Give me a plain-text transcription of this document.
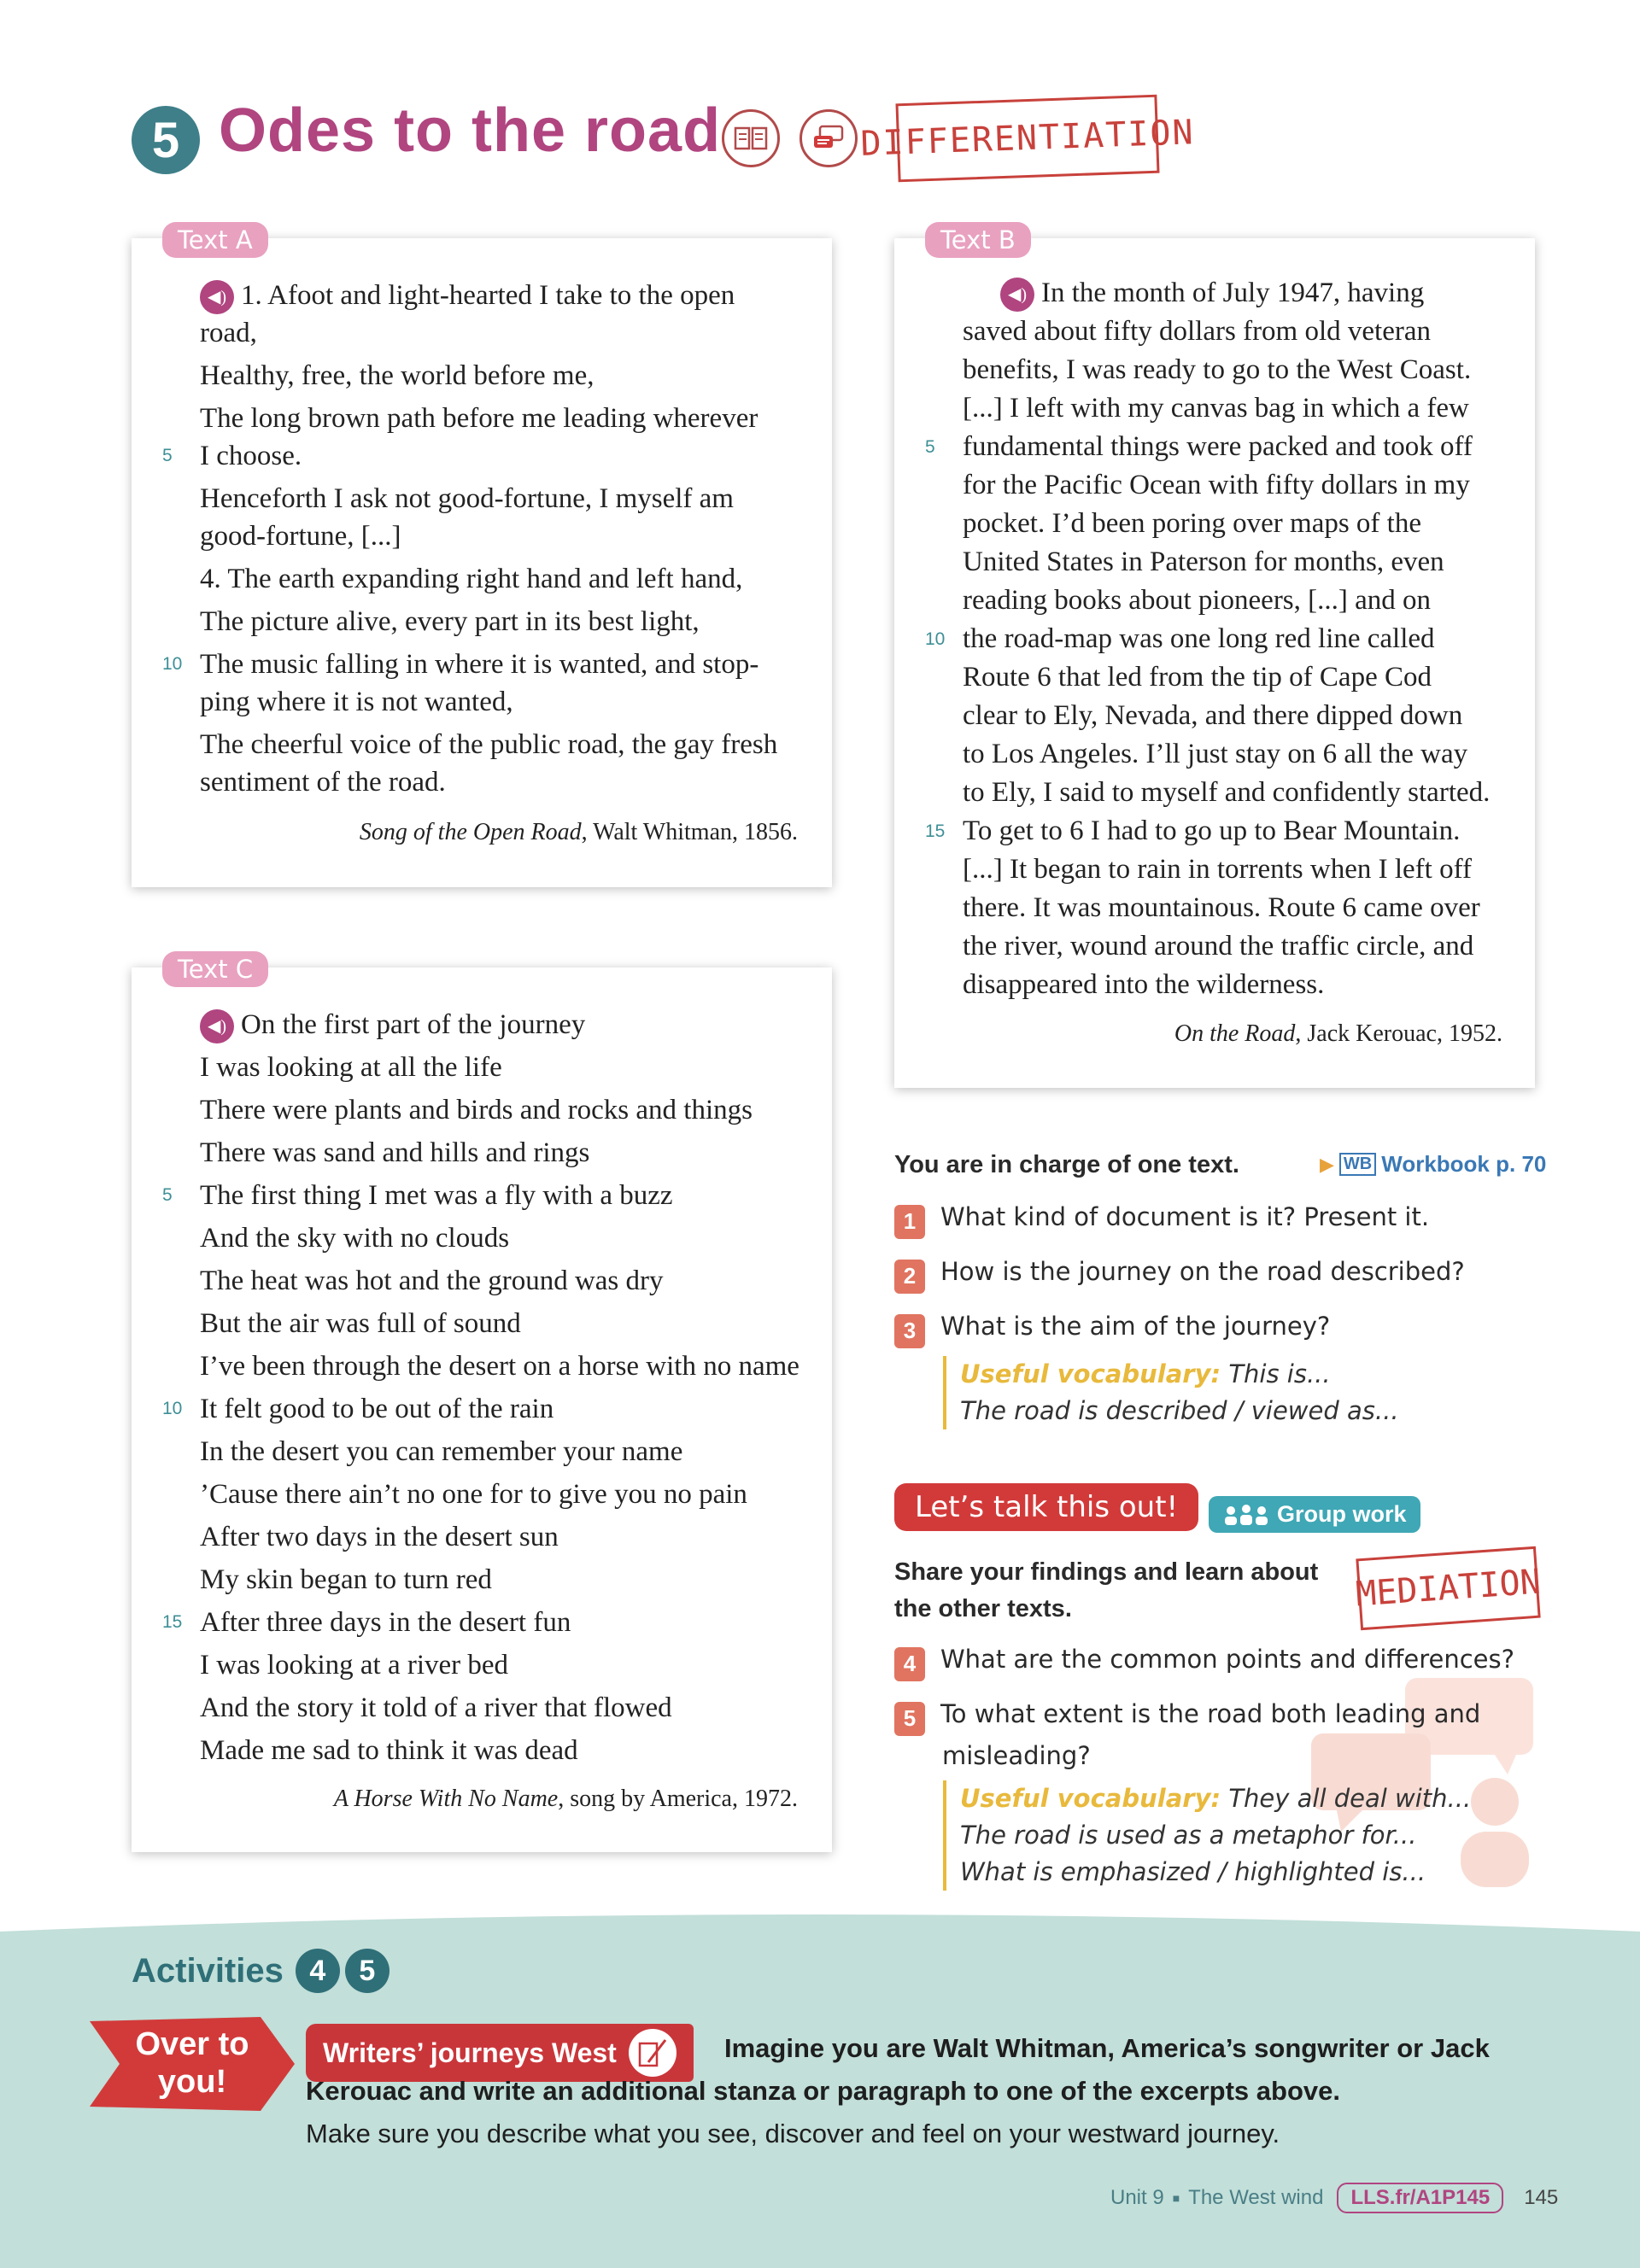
5 Odes to the road	DIFFERENTIATION
◀) 1. Afoot and light-hearted I take to the open
road,
Healthy, free, the world before me,
The long brown path before me leading wherever
5 I choose.
Henceforth I ask not good-fortune, I myself am
good-fortune, [...]
4. The earth expanding right hand and left hand,
The picture alive, every part in its best light,
10 The music falling in where it is wanted, and stop-
ping where it is not wanted,
The cheerful voice of the public road, the gay fresh
sentiment of the road.
Song of the Open Road, Walt Whitman, 1856.
Text A
◀) In the month of July 1947, having
saved about fifty dollars from old veteran
benefits, I was ready to go to the West Coast.
[...] I left with my canvas bag in which a few
5 fundamental things were packed and took off
for the Pacific Ocean with fifty dollars in my
pocket. I’d been poring over maps of the
United States in Paterson for months, even
reading books about pioneers, [...] and on
10 the road-map was one long red line called
Route 6 that led from the tip of Cape Cod
clear to Ely, Nevada, and there dipped down
to Los Angeles. I’ll just stay on 6 all the way
to Ely, I said to myself and confidently started.
15 To get to 6 I had to go up to Bear Mountain.
[...] It began to rain in torrents when I left off
there. It was mountainous. Route 6 came over
the river, wound around the traffic circle, and
disappeared into the wilderness.
On the Road, Jack Kerouac, 1952.
Text B
◀) On the first part of the journey
I was looking at all the life
There were plants and birds and rocks and things
There was sand and hills and rings
5 The first thing I met was a fly with a buzz
And the sky with no clouds
The heat was hot and the ground was dry
But the air was full of sound
I’ve been through the desert on a horse with no name
10 It felt good to be out of the rain
In the desert you can remember your name
’Cause there ain’t no one for to give you no pain
After two days in the desert sun
My skin began to turn red
15 After three days in the desert fun
I was looking at a river bed
And the story it told of a river that flowed
Made me sad to think it was dead
A Horse With No Name, song by America, 1972.
Text C
You are in charge of one text.	▶ WB Workbook p. 70
1 What kind of document is it? Present it.
2 How is the journey on the road described?
3 What is the aim of the journey?
Useful vocabulary: This is...
The road is described / viewed as...
Let’s talk this out!	Group work
Share your findings and learn about
the other texts.	MEDIATION
4 What are the common points and differences?
5 To what extent is the road both leading and
misleading?
Useful vocabulary: They all deal with...
The road is used as a metaphor for...
What is emphasized / highlighted is...
Activities 4	5
Over to
you!
Writers’ journeys West	Imagine you are Walt Whitman, America’s songwriter or Jack
Kerouac and write an additional stanza or paragraph to one of the excerpts above.
Make sure you describe what you see, discover and feel on your westward journey.
Unit 9 ■ The West wind	LLS.fr/A1P145	145
